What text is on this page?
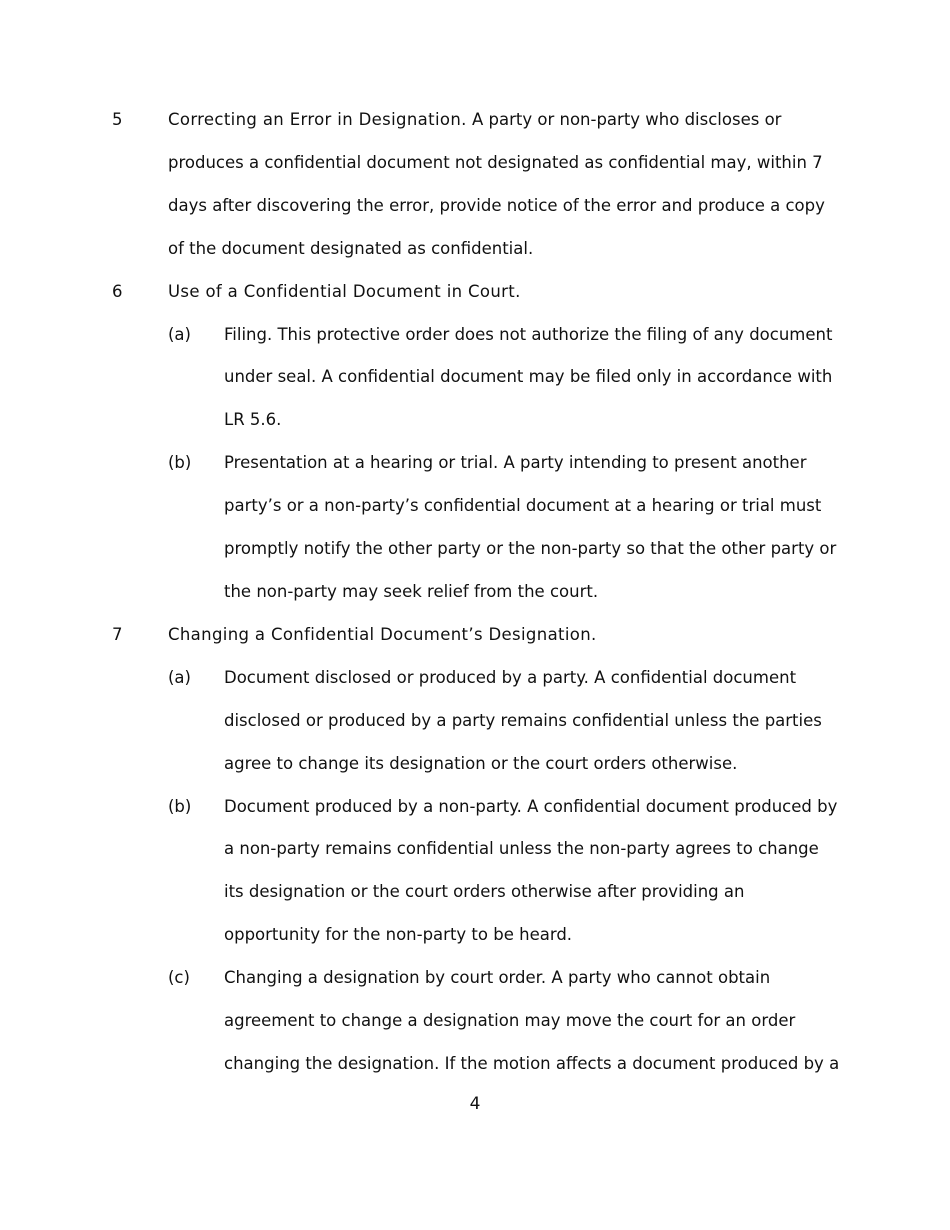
5	Correcting an Error in Designation. A party or non-party who discloses or produces a confidential document not designated as confidential may, within 7 days after discovering the error, provide notice of the error and produce a copy of the document designated as confidential.
6	Use of a Confidential Document in Court.
(a)	Filing. This protective order does not authorize the filing of any document under seal. A confidential document may be filed only in accordance with LR 5.6.
(b)	Presentation at a hearing or trial. A party intending to present another party’s or a non-party’s confidential document at a hearing or trial must promptly notify the other party or the non-party so that the other party or the non-party may seek relief from the court.
7	Changing a Confidential Document’s Designation.
(a)	Document disclosed or produced by a party. A confidential document disclosed or produced by a party remains confidential unless the parties agree to change its designation or the court orders otherwise.
(b)	Document produced by a non-party. A confidential document produced by a non-party remains confidential unless the non-party agrees to change its designation or the court orders otherwise after providing an opportunity for the non-party to be heard.
(c)	Changing a designation by court order. A party who cannot obtain agreement to change a designation may move the court for an order changing the designation. If the motion affects a document produced by a
4
